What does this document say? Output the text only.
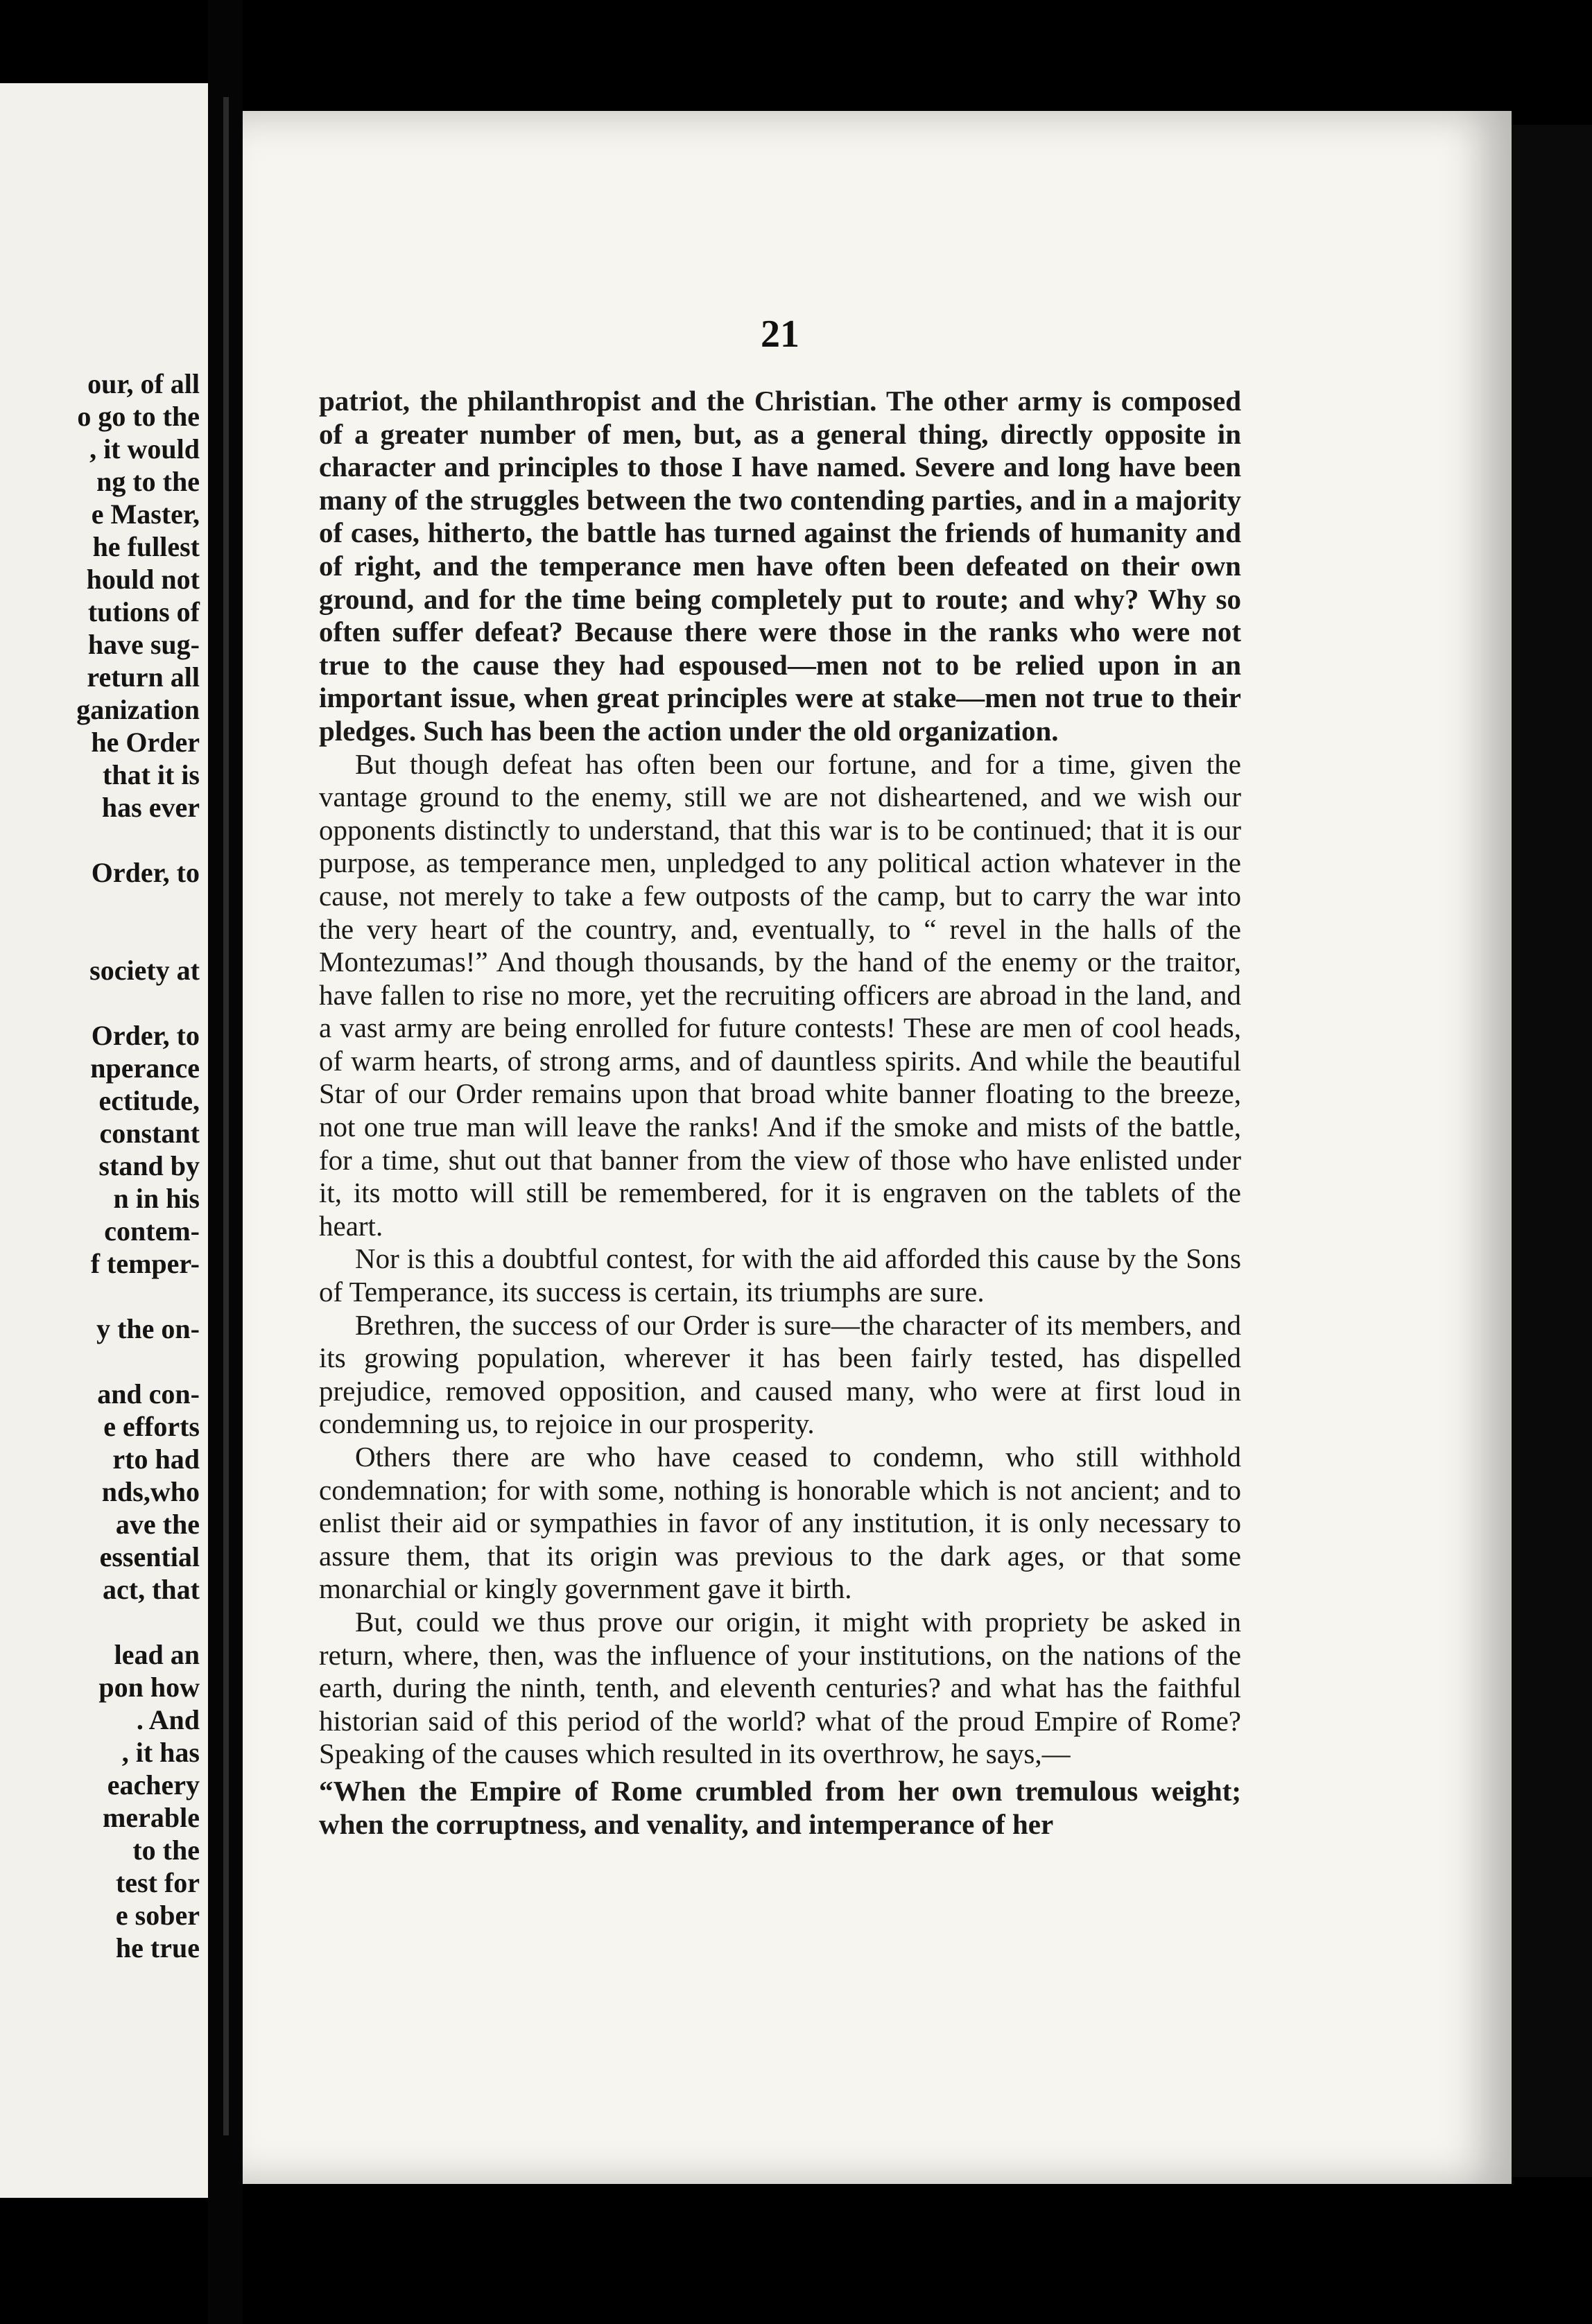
our, of all
o go to the
, it would
ng to the
e Master,
he fullest
hould not
tutions of
have sug-
return all
ganization
he Order
that it is
has ever

Order, to

society at

Order, to
nperance
ectitude,
constant
stand by
n in his
contem-
f temper-

y the on-

and con-
e efforts
rto had
nds,who
ave the
essential
act, that

lead an
pon how
. And
, it has
eachery
merable
to the
test for
e sober
he true
21

patriot, the philanthropist and the Christian. The other army is composed of a greater number of men, but, as a general thing, directly opposite in character and principles to those I have named. Severe and long have been many of the struggles between the two contending parties, and in a majority of cases, hitherto, the battle has turned against the friends of humanity and of right, and the temperance men have often been defeated on their own ground, and for the time being completely put to route; and why? Why so often suffer defeat? Because there were those in the ranks who were not true to the cause they had espoused—men not to be relied upon in an important issue, when great principles were at stake—men not true to their pledges. Such has been the action under the old organization.

But though defeat has often been our fortune, and for a time, given the vantage ground to the enemy, still we are not disheartened, and we wish our opponents distinctly to understand, that this war is to be continued; that it is our purpose, as temperance men, unpledged to any political action whatever in the cause, not merely to take a few outposts of the camp, but to carry the war into the very heart of the country, and, eventually, to “ revel in the halls of the Montezumas!” And though thousands, by the hand of the enemy or the traitor, have fallen to rise no more, yet the recruiting officers are abroad in the land, and a vast army are being enrolled for future contests! These are men of cool heads, of warm hearts, of strong arms, and of dauntless spirits. And while the beautiful Star of our Order remains upon that broad white banner floating to the breeze, not one true man will leave the ranks! And if the smoke and mists of the battle, for a time, shut out that banner from the view of those who have enlisted under it, its motto will still be remembered, for it is engraven on the tablets of the heart.

Nor is this a doubtful contest, for with the aid afforded this cause by the Sons of Temperance, its success is certain, its triumphs are sure.

Brethren, the success of our Order is sure—the character of its members, and its growing population, wherever it has been fairly tested, has dispelled prejudice, removed opposition, and caused many, who were at first loud in condemning us, to rejoice in our prosperity.

Others there are who have ceased to condemn, who still withhold condemnation; for with some, nothing is honorable which is not ancient; and to enlist their aid or sympathies in favor of any institution, it is only necessary to assure them, that its origin was previous to the dark ages, or that some monarchial or kingly government gave it birth.

But, could we thus prove our origin, it might with propriety be asked in return, where, then, was the influence of your institutions, on the nations of the earth, during the ninth, tenth, and eleventh centuries? and what has the faithful historian said of this period of the world? what of the proud Empire of Rome? Speaking of the causes which resulted in its overthrow, he says,—

“When the Empire of Rome crumbled from her own tremulous weight; when the corruptness, and venality, and intemperance of her
